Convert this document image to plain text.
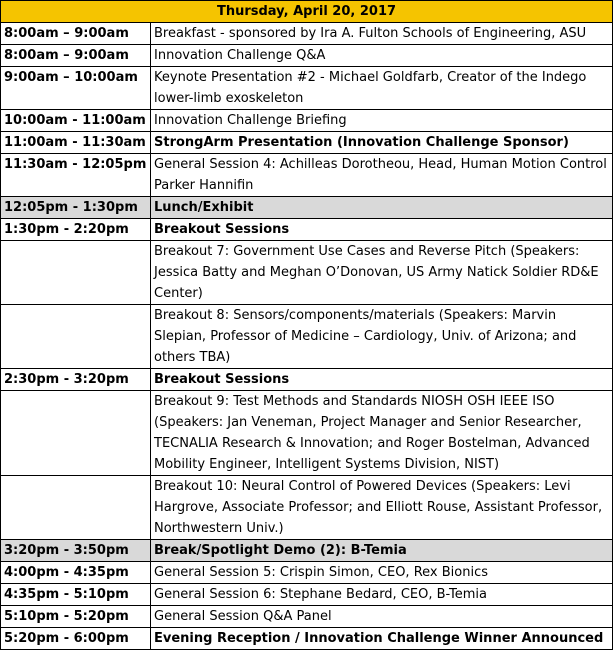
Thursday, April 20, 2017	
8:00am – 9:00am	Breakfast - sponsored by Ira A. Fulton Schools of Engineering, ASU
8:00am – 9:00am	Innovation Challenge Q&A
9:00am – 10:00am	Keynote Presentation #2 - Michael Goldfarb, Creator of the Indego lower-limb exoskeleton
10:00am - 11:00am	Innovation Challenge Briefing
11:00am - 11:30am	StrongArm Presentation (Innovation Challenge Sponsor)
11:30am - 12:05pm	General Session 4: Achilleas Dorotheou, Head, Human Motion Control Parker Hannifin
12:05pm - 1:30pm	Lunch/Exhibit
1:30pm - 2:20pm	Breakout Sessions
	Breakout 7: Government Use Cases and Reverse Pitch (Speakers: Jessica Batty and Meghan O’Donovan, US Army Natick Soldier RD&E Center)
	Breakout 8: Sensors/components/materials (Speakers: Marvin Slepian, Professor of Medicine – Cardiology, Univ. of Arizona; and others TBA)
2:30pm - 3:20pm	Breakout Sessions
	Breakout 9: Test Methods and Standards NIOSH OSH IEEE ISO (Speakers: Jan Veneman, Project Manager and Senior Researcher, TECNALIA Research & Innovation; and Roger Bostelman, Advanced Mobility Engineer, Intelligent Systems Division, NIST)
	Breakout 10: Neural Control of Powered Devices (Speakers: Levi Hargrove, Associate Professor; and Elliott Rouse, Assistant Professor, Northwestern Univ.)
3:20pm - 3:50pm	Break/Spotlight Demo (2): B-Temia
4:00pm - 4:35pm	General Session 5: Crispin Simon, CEO, Rex Bionics
4:35pm - 5:10pm	General Session 6: Stephane Bedard, CEO, B-Temia
5:10pm - 5:20pm	General Session Q&A Panel
5:20pm - 6:00pm	Evening Reception / Innovation Challenge Winner Announced
